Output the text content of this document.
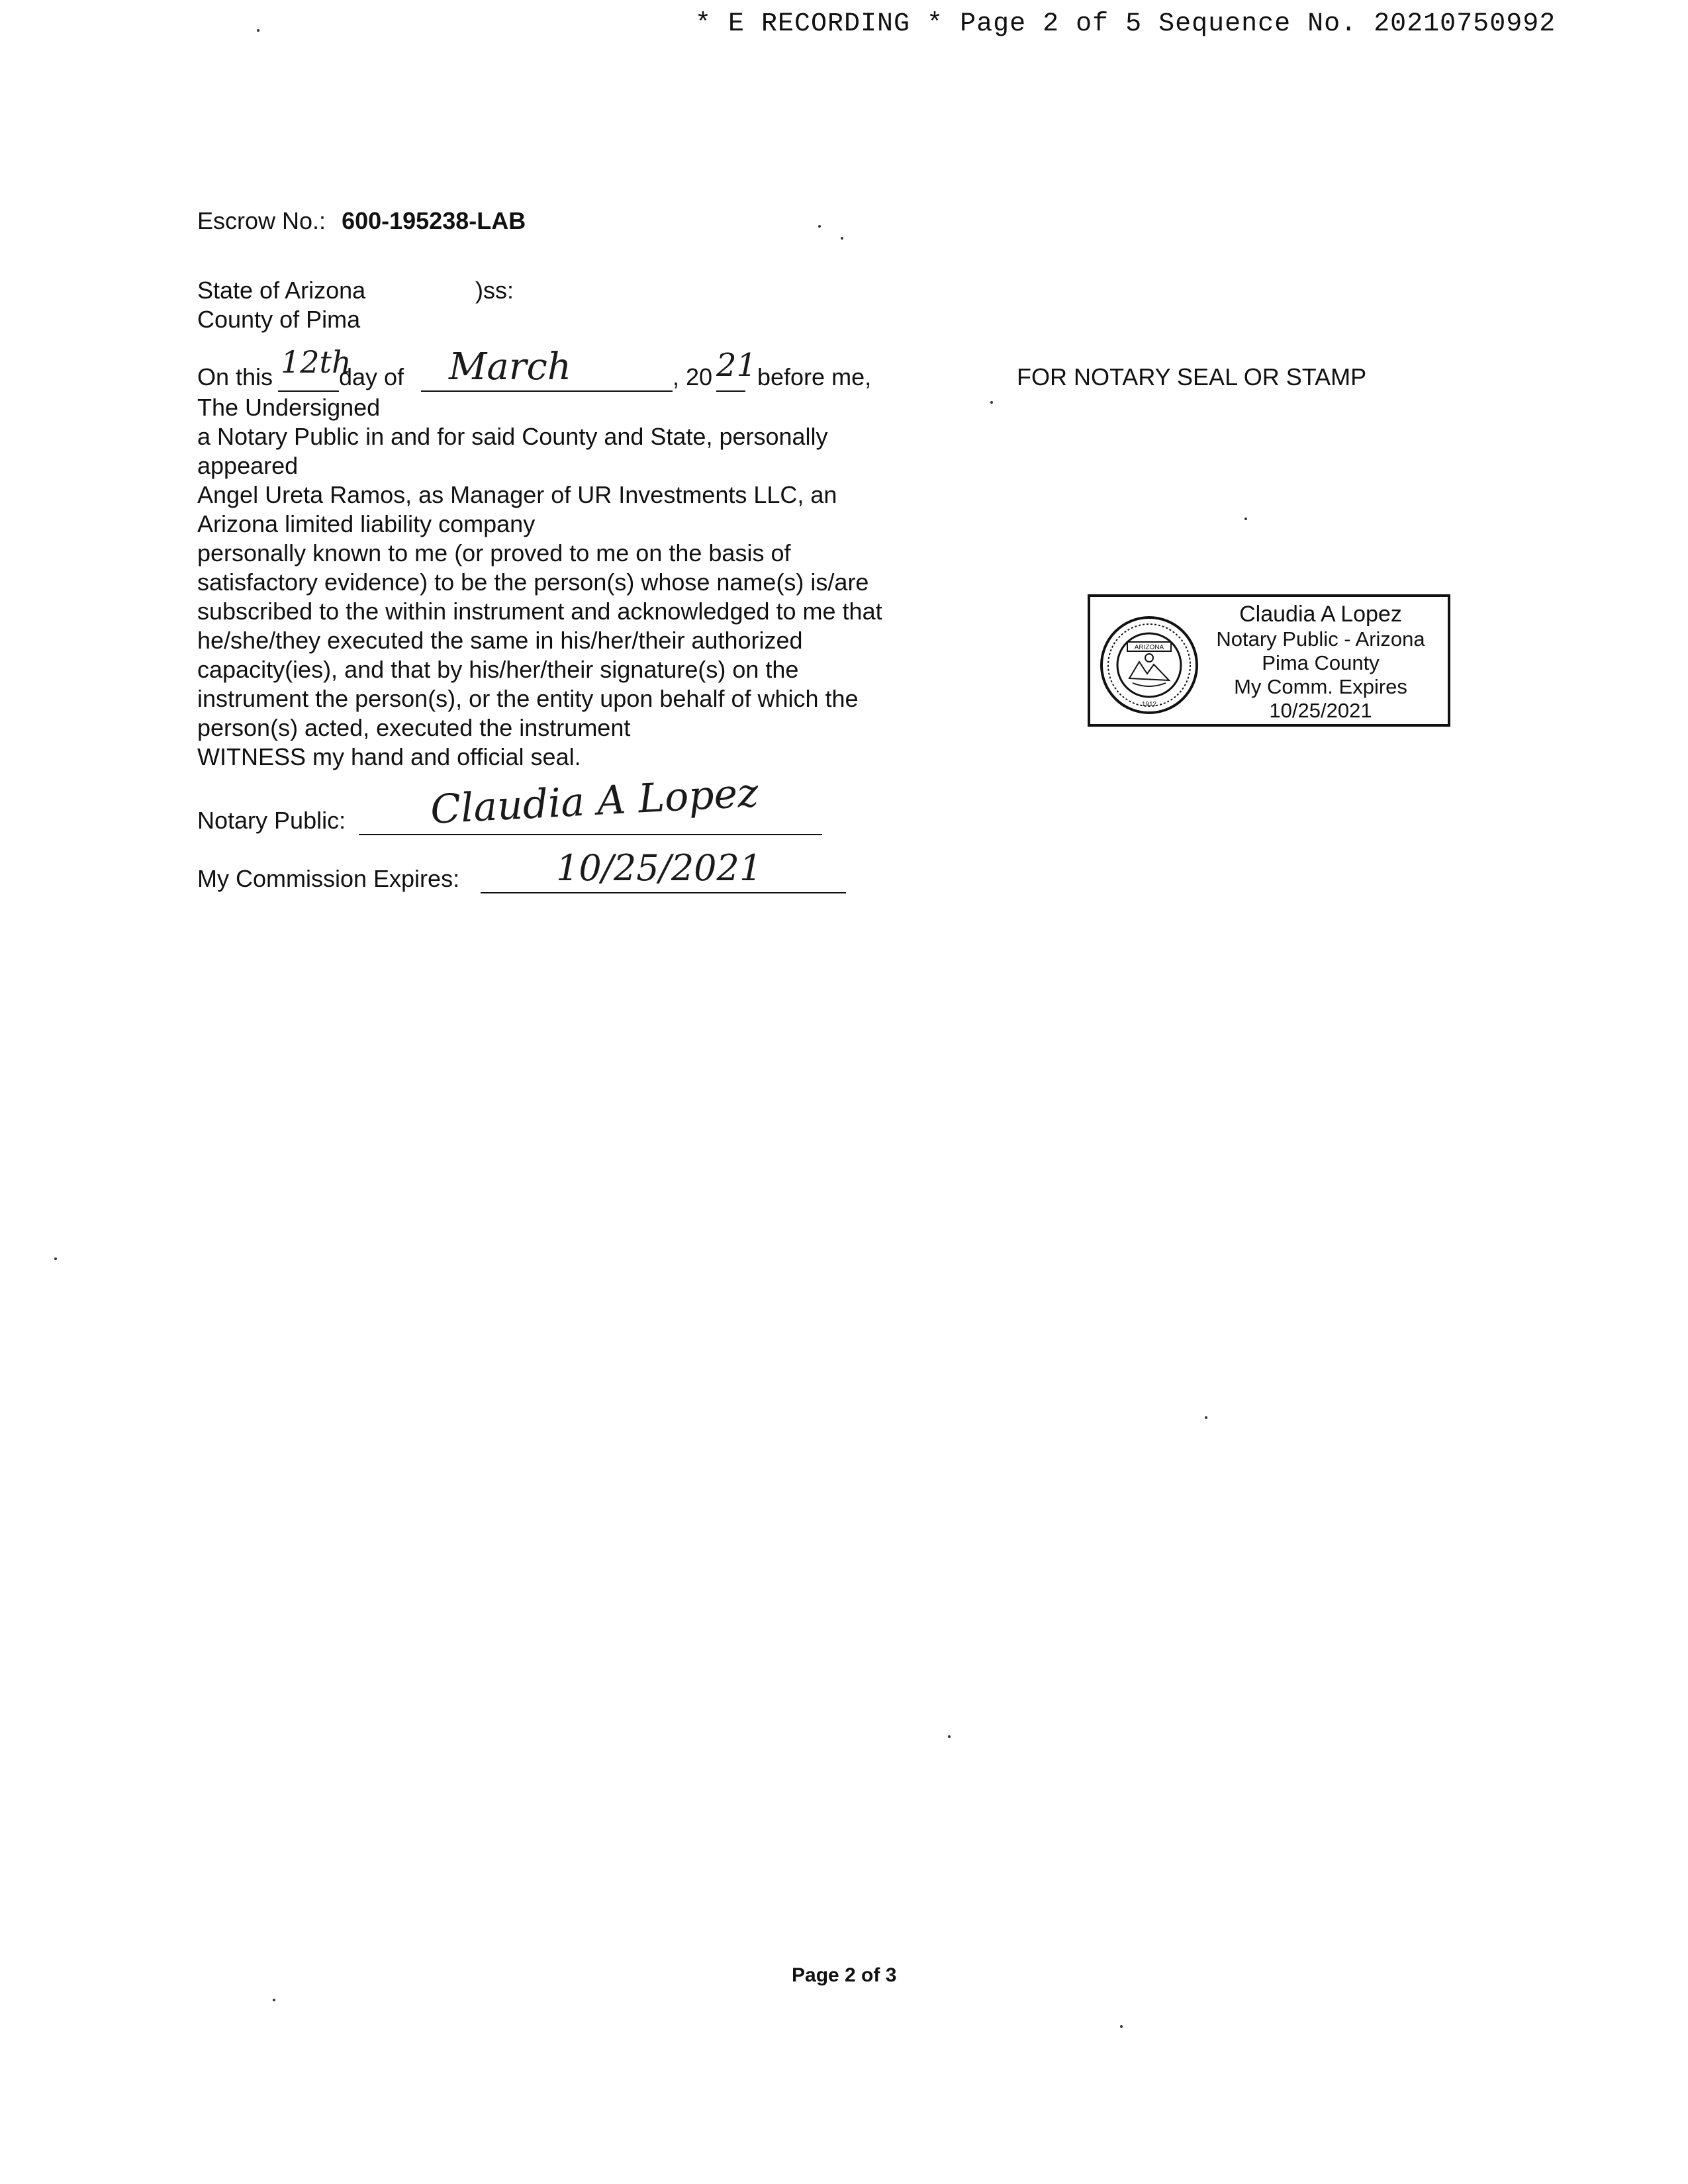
* E RECORDING * Page 2 of 5 Sequence No. 20210750992
Escrow No.: 600-195238-LAB
State of Arizona	)ss:
County of Pima
On this 12th
day of March	, 20 21 before me,
The Undersigned
a Notary Public in and for said County and State, personally
appeared
Angel Ureta Ramos, as Manager of UR Investments LLC, an
Arizona limited liability company
personally known to me (or proved to me on the basis of
satisfactory evidence) to be the person(s) whose name(s) is/are
subscribed to the within instrument and acknowledged to me that
he/she/they executed the same in his/her/their authorized
capacity(ies), and that by his/her/their signature(s) on the
instrument the person(s), or the entity upon behalf of which the
person(s) acted, executed the instrument
WITNESS my hand and official seal.
Notary Public: Claudia A Lopez
My Commission Expires:	10/25/2021
FOR NOTARY SEAL OR STAMP
ARIZONA
1912
Claudia A Lopez
Notary Public - Arizona
Pima County
My Comm. Expires
10/25/2021
Page 2 of 3
